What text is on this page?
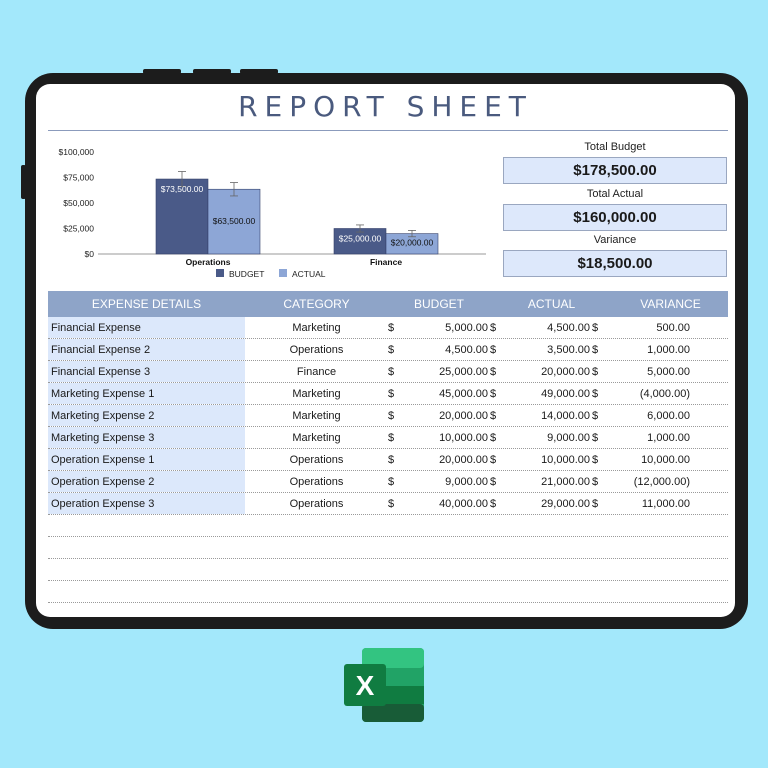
REPORT SHEET
$100,000
$75,000
$50,000
$25,000
$0
$73,500.00
$63,500.00
Operations
$25,000.00 $20,000.00
Finance
BUDGET	ACTUAL
Total Budget
$178,500.00
Total Actual
$160,000.00
Variance
$18,500.00
EXPENSE DETAILS	CATEGORY	BUDGET	ACTUAL	VARIANCE
Financial Expense	Marketing	$	5,000.00 $	4,500.00 $	500.00
Financial Expense 2	Operations	$	4,500.00 $	3,500.00 $	1,000.00
Financial Expense 3	Finance	$	25,000.00 $	20,000.00 $	5,000.00
Marketing Expense 1	Marketing	$	45,000.00 $	49,000.00 $	(4,000.00)
Marketing Expense 2	Marketing	$	20,000.00 $	14,000.00 $	6,000.00
Marketing Expense 3	Marketing	$	10,000.00 $	9,000.00 $	1,000.00
Operation Expense 1	Operations	$	20,000.00 $	10,000.00 $	10,000.00
Operation Expense 2	Operations	$	9,000.00 $	21,000.00 $	(12,000.00)
Operation Expense 3	Operations	$	40,000.00 $	29,000.00 $	11,000.00
X
